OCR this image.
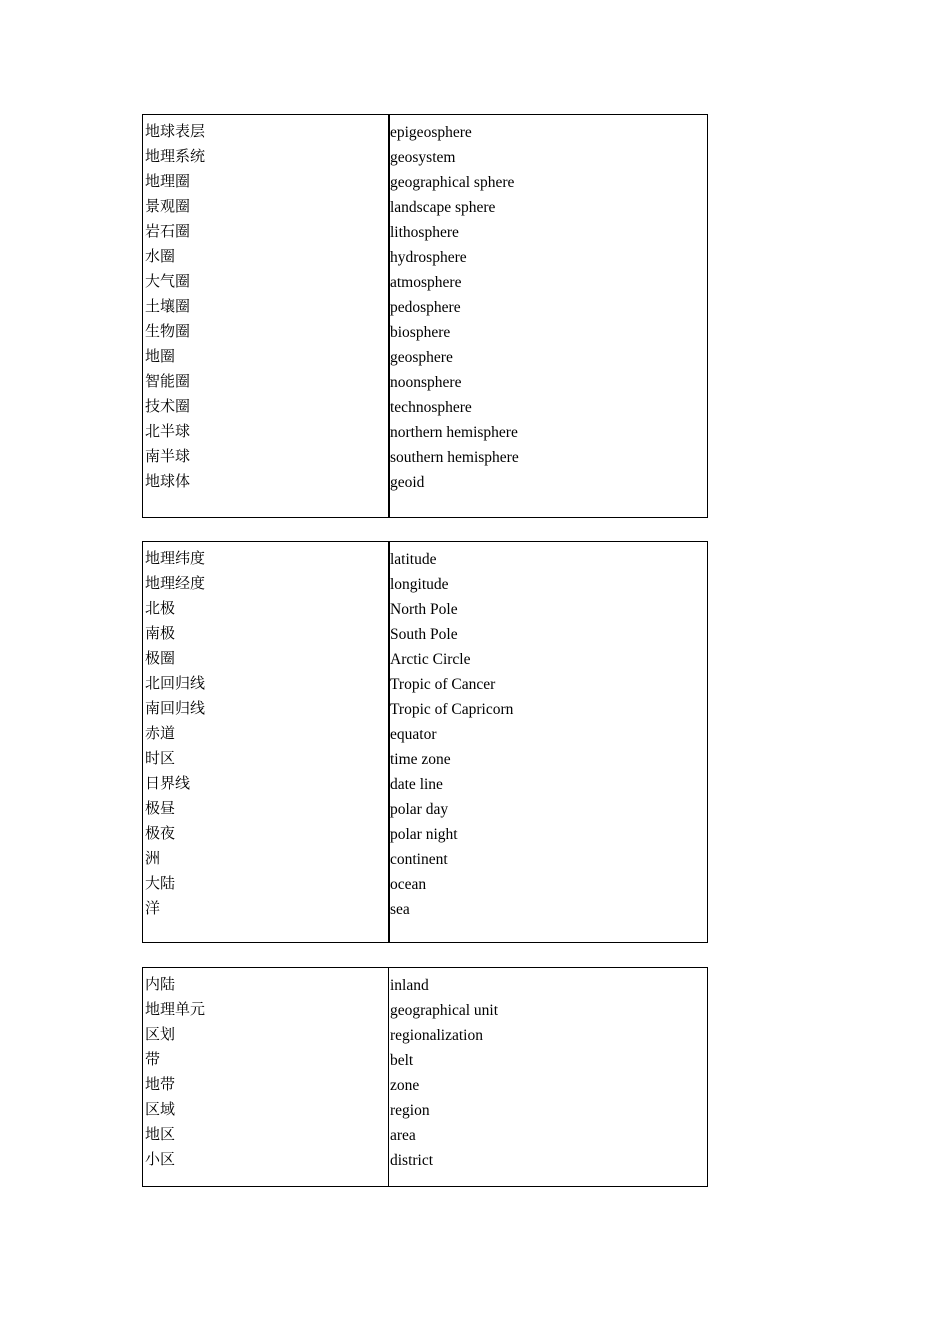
地球表层	epigeosphere
地理系统	geosystem
地理圈	geographical sphere
景观圈	landscape sphere
岩石圈	lithosphere
水圈	hydrosphere
大气圈	atmosphere
土壤圈	pedosphere
生物圈	biosphere
地圈	geosphere
智能圈	noonsphere
技术圈	technosphere
北半球	northern hemisphere
南半球	southern hemisphere
地球体	geoid
地理纬度	latitude
地理经度	longitude
北极	North Pole
南极	South Pole
极圈	Arctic Circle
北回归线	Tropic of Cancer
南回归线	Tropic of Capricorn
赤道	equator
时区	time zone
日界线	date line
极昼	polar day
极夜	polar night
洲	continent
大陆	ocean
洋	sea
内陆	inland
地理单元	geographical unit
区划	regionalization
带	belt
地带	zone
区域	region
地区	area
小区	district
